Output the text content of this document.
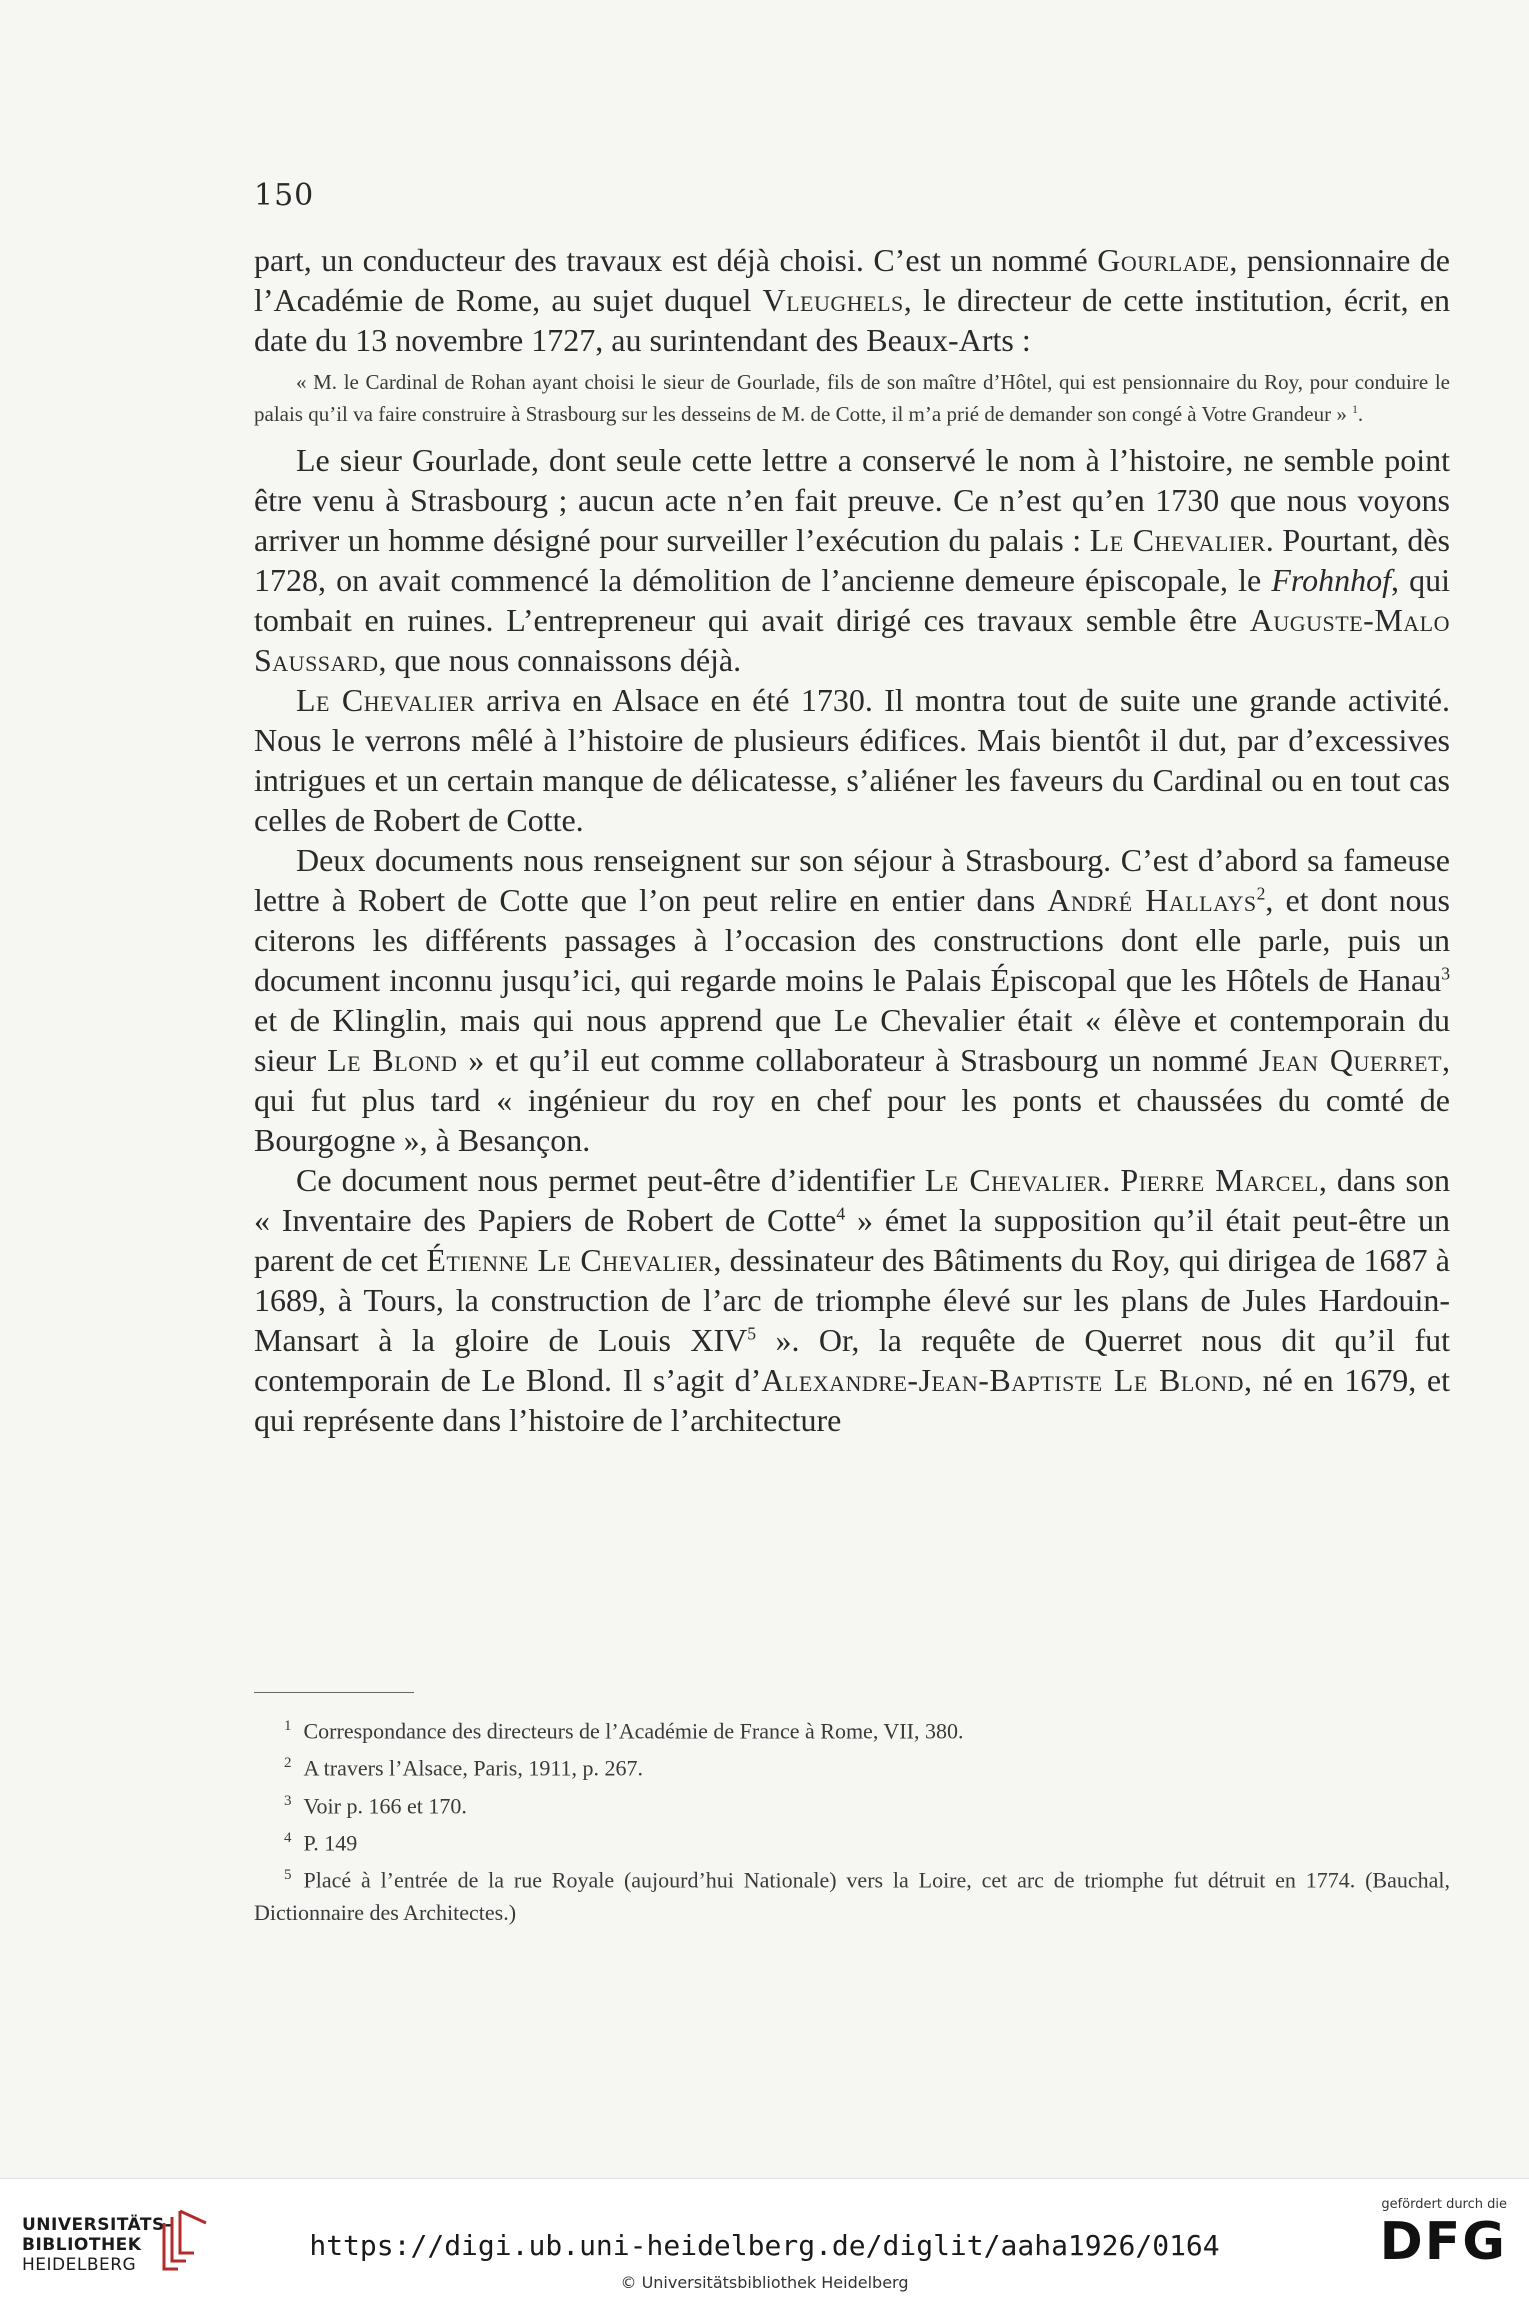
150

part, un conducteur des travaux est déjà choisi. C’est un nommé Gourlade, pensionnaire de l’Académie de Rome, au sujet duquel Vleughels, le directeur de cette institution, écrit, en date du 13 novembre 1727, au surintendant des Beaux-Arts :

« M. le Cardinal de Rohan ayant choisi le sieur de Gourlade, fils de son maître d’Hôtel, qui est pensionnaire du Roy, pour conduire le palais qu’il va faire construire à Strasbourg sur les desseins de M. de Cotte, il m’a prié de demander son congé à Votre Grandeur » $^1$.

Le sieur Gourlade, dont seule cette lettre a conservé le nom à l’histoire, ne semble point être venu à Strasbourg ; aucun acte n’en fait preuve. Ce n’est qu’en 1730 que nous voyons arriver un homme désigné pour surveiller l’exécution du palais : Le Chevalier. Pourtant, dès 1728, on avait commencé la démolition de l’ancienne demeure épiscopale, le Frohnhof, qui tombait en ruines. L’entrepreneur qui avait dirigé ces travaux semble être Auguste-Malo Saussard, que nous connaissons déjà.

Le Chevalier arriva en Alsace en été 1730. Il montra tout de suite une grande activité. Nous le verrons mêlé à l’histoire de plusieurs édifices. Mais bientôt il dut, par d’excessives intrigues et un certain manque de délicatesse, s’aliéner les faveurs du Cardinal ou en tout cas celles de Robert de Cotte.

Deux documents nous renseignent sur son séjour à Strasbourg. C’est d’abord sa fameuse lettre à Robert de Cotte que l’on peut relire en entier dans André Hallays$^2$, et dont nous citerons les différents passages à l’occasion des constructions dont elle parle, puis un document inconnu jusqu’ici, qui regarde moins le Palais Épiscopal que les Hôtels de Hanau$^3$ et de Klinglin, mais qui nous apprend que Le Chevalier était « élève et contemporain du sieur Le Blond » et qu’il eut comme collaborateur à Strasbourg un nommé Jean Querret, qui fut plus tard « ingénieur du roy en chef pour les ponts et chaussées du comté de Bourgogne », à Besançon.

Ce document nous permet peut-être d’identifier Le Chevalier. Pierre Marcel, dans son « Inventaire des Papiers de Robert de Cotte$^4$ » émet la supposition qu’il était peut-être un parent de cet Étienne Le Chevalier, dessinateur des Bâtiments du Roy, qui dirigea de 1687 à 1689, à Tours, la construction de l’arc de triomphe élevé sur les plans de Jules Hardouin-Mansart à la gloire de Louis XIV$^5$ ». Or, la requête de Querret nous dit qu’il fut contemporain de Le Blond. Il s’agit d’Alexandre-Jean-Baptiste Le Blond, né en 1679, et qui représente dans l’histoire de l’architecture

$^1$ Correspondance des directeurs de l’Académie de France à Rome, VII, 380.

$^2$ A travers l’Alsace, Paris, 1911, p. 267.

$^3$ Voir p. 166 et 170.

$^4$ P. 149

$^5$ Placé à l’entrée de la rue Royale (aujourd’hui Nationale) vers la Loire, cet arc de triomphe fut détruit en 1774. (Bauchal, Dictionnaire des Architectes.)

UNIVERSITÄTS-
BIBLIOTHEK
HEIDELBERG
https://digi.ub.uni-heidelberg.de/diglit/aaha1926/0164
© Universitätsbibliothek Heidelberg
gefördert durch die
DFG
